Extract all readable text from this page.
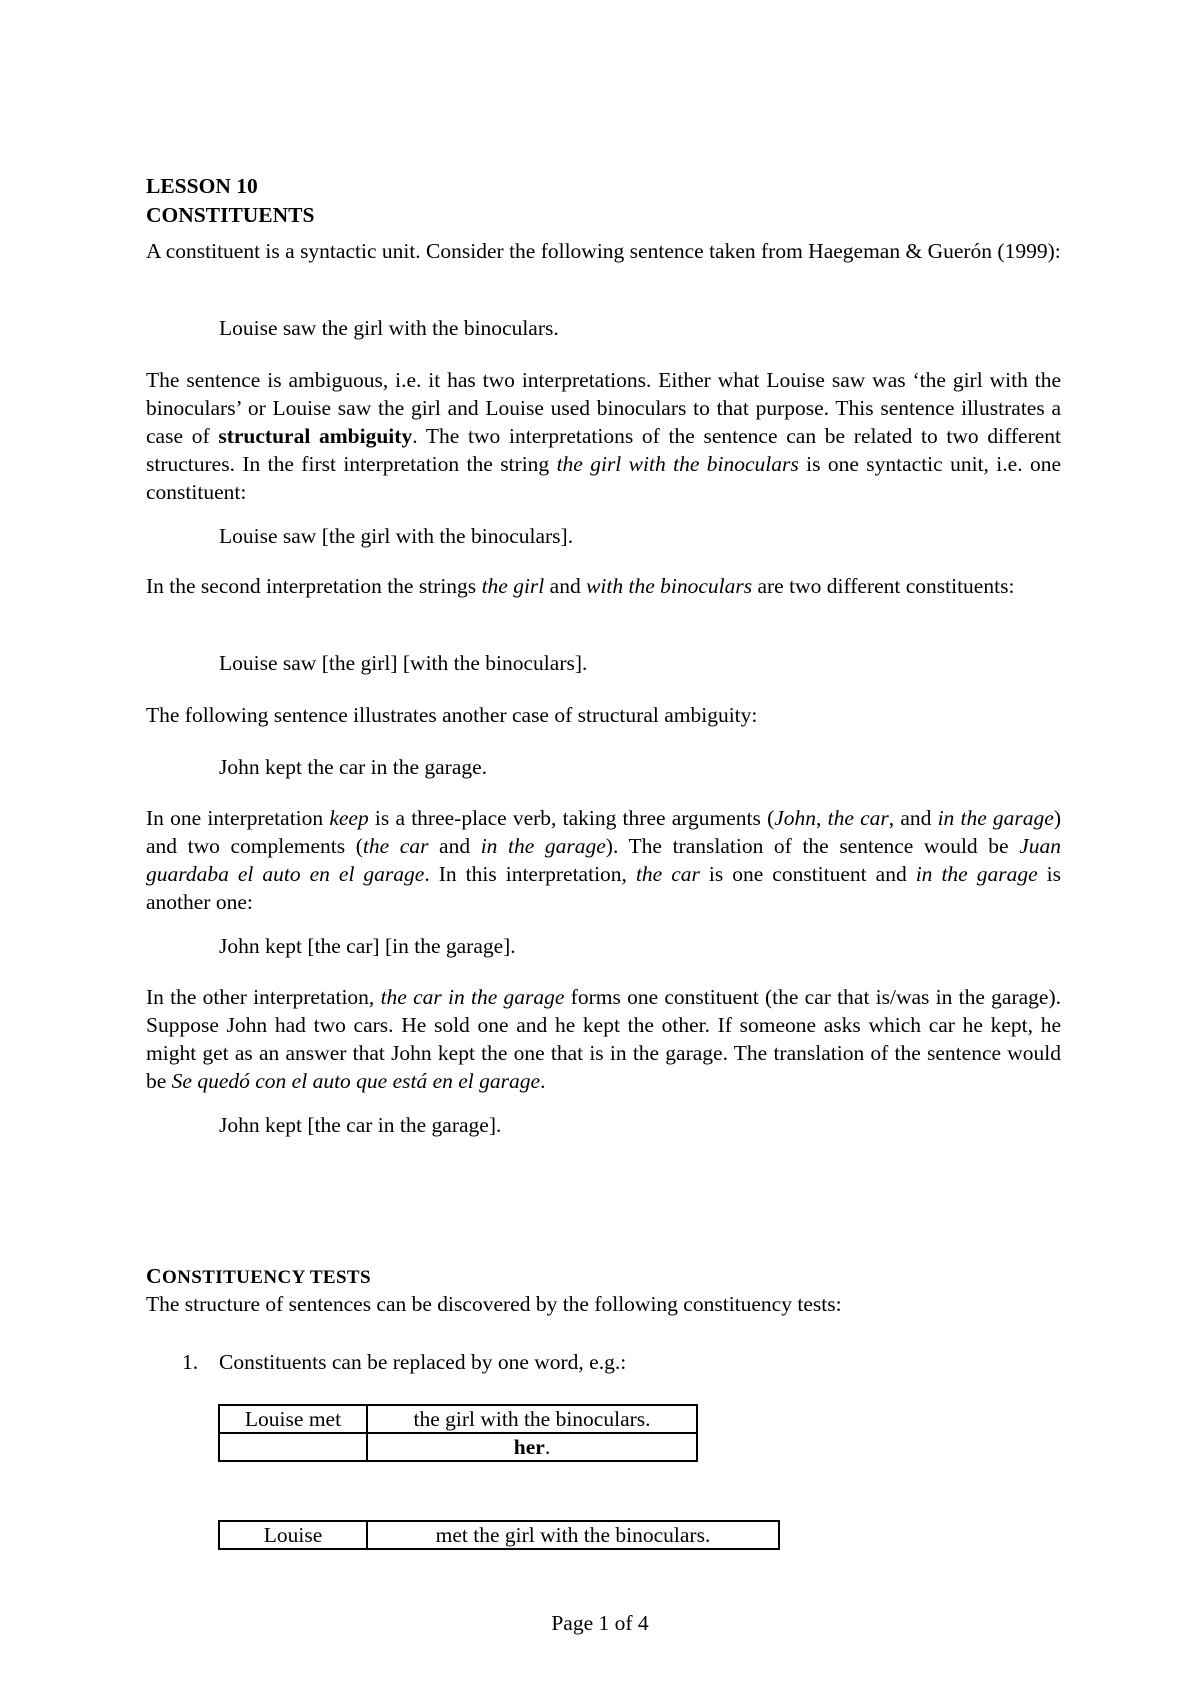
LESSON 10
CONSTITUENTS

A constituent is a syntactic unit. Consider the following sentence taken from Haegeman & Guerón (1999):

Louise saw the girl with the binoculars.

The sentence is ambiguous, i.e. it has two interpretations. Either what Louise saw was ‘the girl with the binoculars’ or Louise saw the girl and Louise used binoculars to that purpose. This sentence illustrates a case of structural ambiguity. The two interpretations of the sentence can be related to two different structures. In the first interpretation the string the girl with the binoculars is one syntactic unit, i.e. one constituent:

Louise saw [the girl with the binoculars].

In the second interpretation the strings the girl and with the binoculars are two different constituents:

Louise saw [the girl] [with the binoculars].

The following sentence illustrates another case of structural ambiguity:

John kept the car in the garage.

In one interpretation keep is a three-place verb, taking three arguments (John, the car, and in the garage) and two complements (the car and in the garage). The translation of the sentence would be Juan guardaba el auto en el garage. In this interpretation, the car is one constituent and in the garage is another one:

John kept [the car] [in the garage].

In the other interpretation, the car in the garage forms one constituent (the car that is/was in the garage). Suppose John had two cars. He sold one and he kept the other. If someone asks which car he kept, he might get as an answer that John kept the one that is in the garage. The translation of the sentence would be Se quedó con el auto que está en el garage.

John kept [the car in the garage].

CONSTITUENCY TESTS

The structure of sentences can be discovered by the following constituency tests:

1. Constituents can be replaced by one word, e.g.:
Louise met	the girl with the binoculars.
	her.
Louise	met the girl with the binoculars.
Page 1 of 4
